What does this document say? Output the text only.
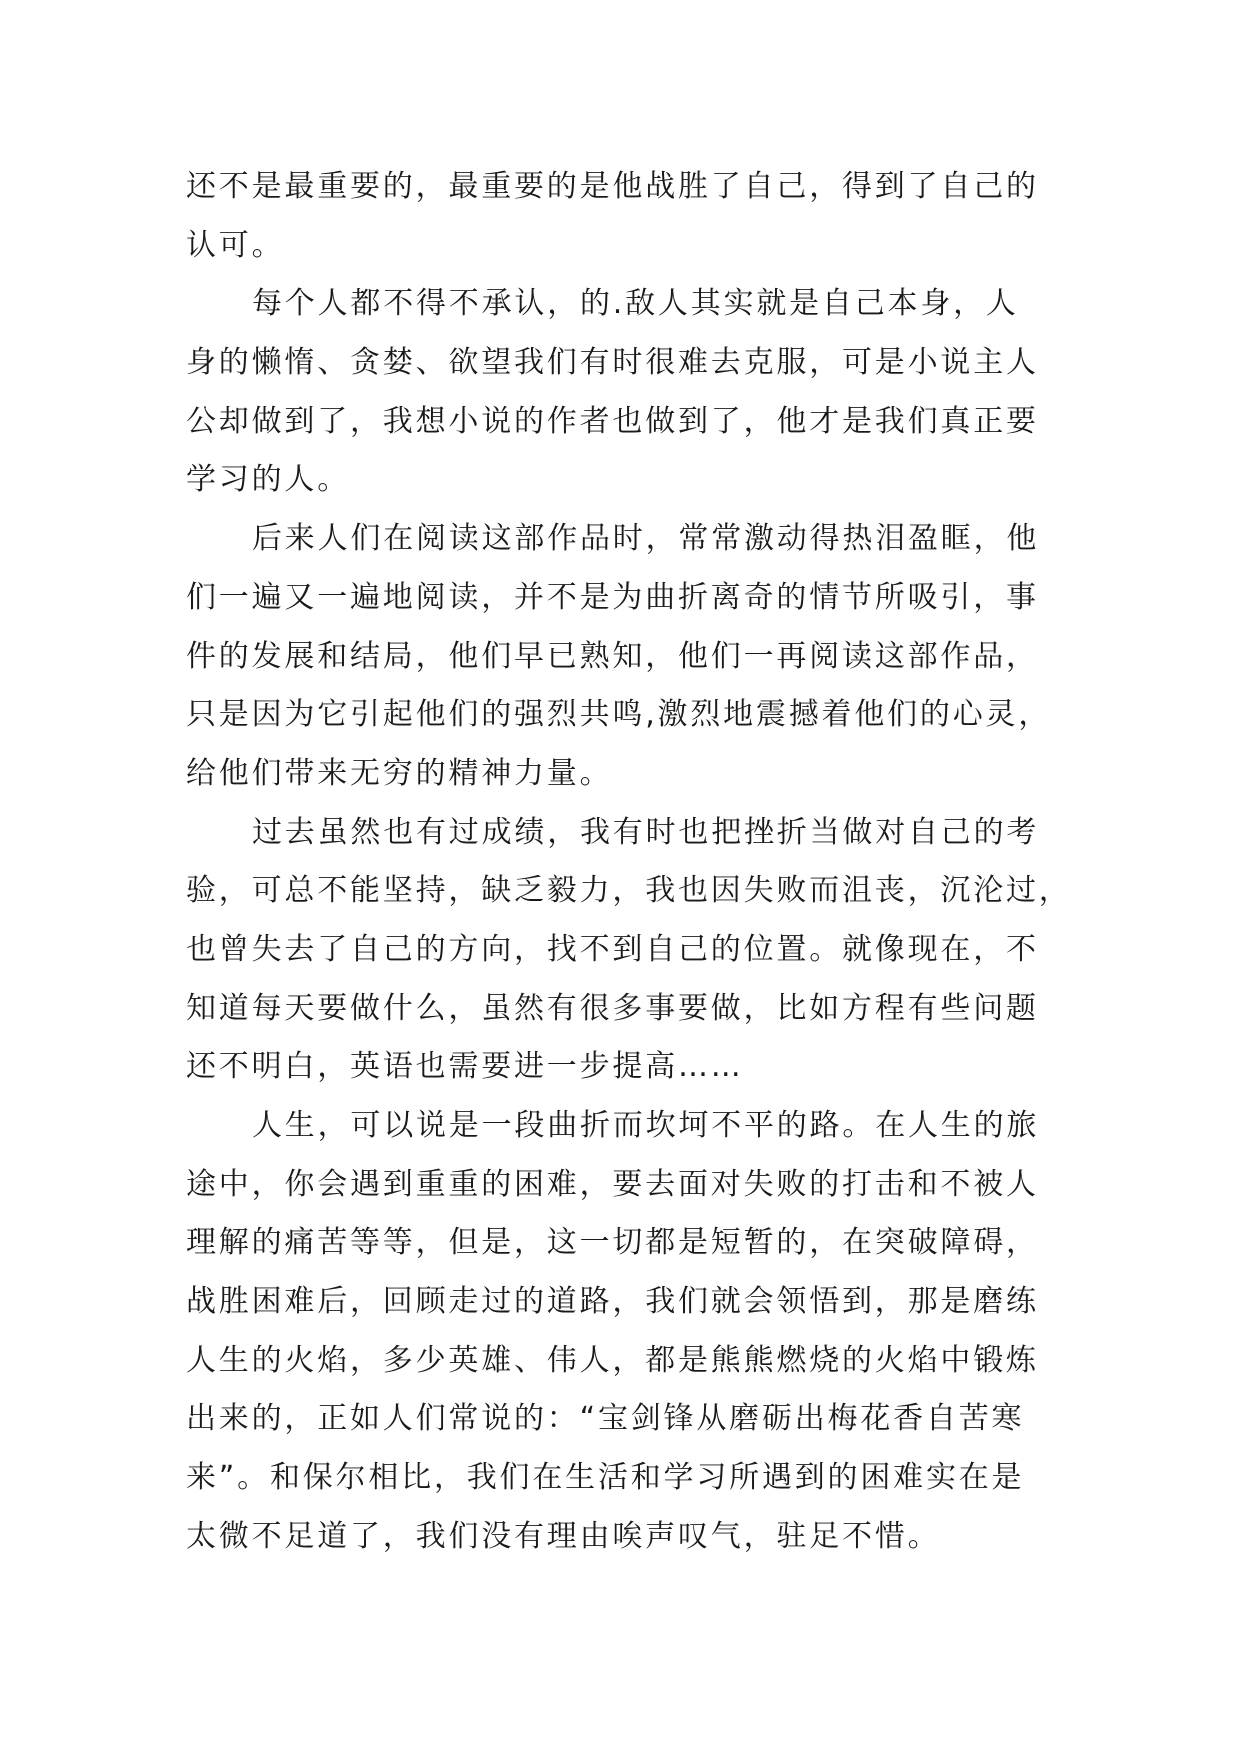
还不是最重要的，最重要的是他战胜了自己，得到了自己的
认可。
每个人都不得不承认，的.敌人其实就是自己本身，人
身的懒惰、贪婪、欲望我们有时很难去克服，可是小说主人
公却做到了，我想小说的作者也做到了，他才是我们真正要
学习的人。
后来人们在阅读这部作品时，常常激动得热泪盈眶，他
们一遍又一遍地阅读，并不是为曲折离奇的情节所吸引，事
件的发展和结局，他们早已熟知，他们一再阅读这部作品，
只是因为它引起他们的强烈共鸣,激烈地震撼着他们的心灵，
给他们带来无穷的精神力量。
过去虽然也有过成绩，我有时也把挫折当做对自己的考
验，可总不能坚持，缺乏毅力，我也因失败而沮丧，沉沦过，
也曾失去了自己的方向，找不到自己的位置。就像现在，不
知道每天要做什么，虽然有很多事要做，比如方程有些问题
还不明白，英语也需要进一步提高……
人生，可以说是一段曲折而坎坷不平的路。在人生的旅
途中，你会遇到重重的困难，要去面对失败的打击和不被人
理解的痛苦等等，但是，这一切都是短暂的，在突破障碍，
战胜困难后，回顾走过的道路，我们就会领悟到，那是磨练
人生的火焰，多少英雄、伟人，都是熊熊燃烧的火焰中锻炼
出来的，正如人们常说的：“宝剑锋从磨砺出梅花香自苦寒
来”。和保尔相比，我们在生活和学习所遇到的困难实在是
太微不足道了，我们没有理由唉声叹气，驻足不惜。
